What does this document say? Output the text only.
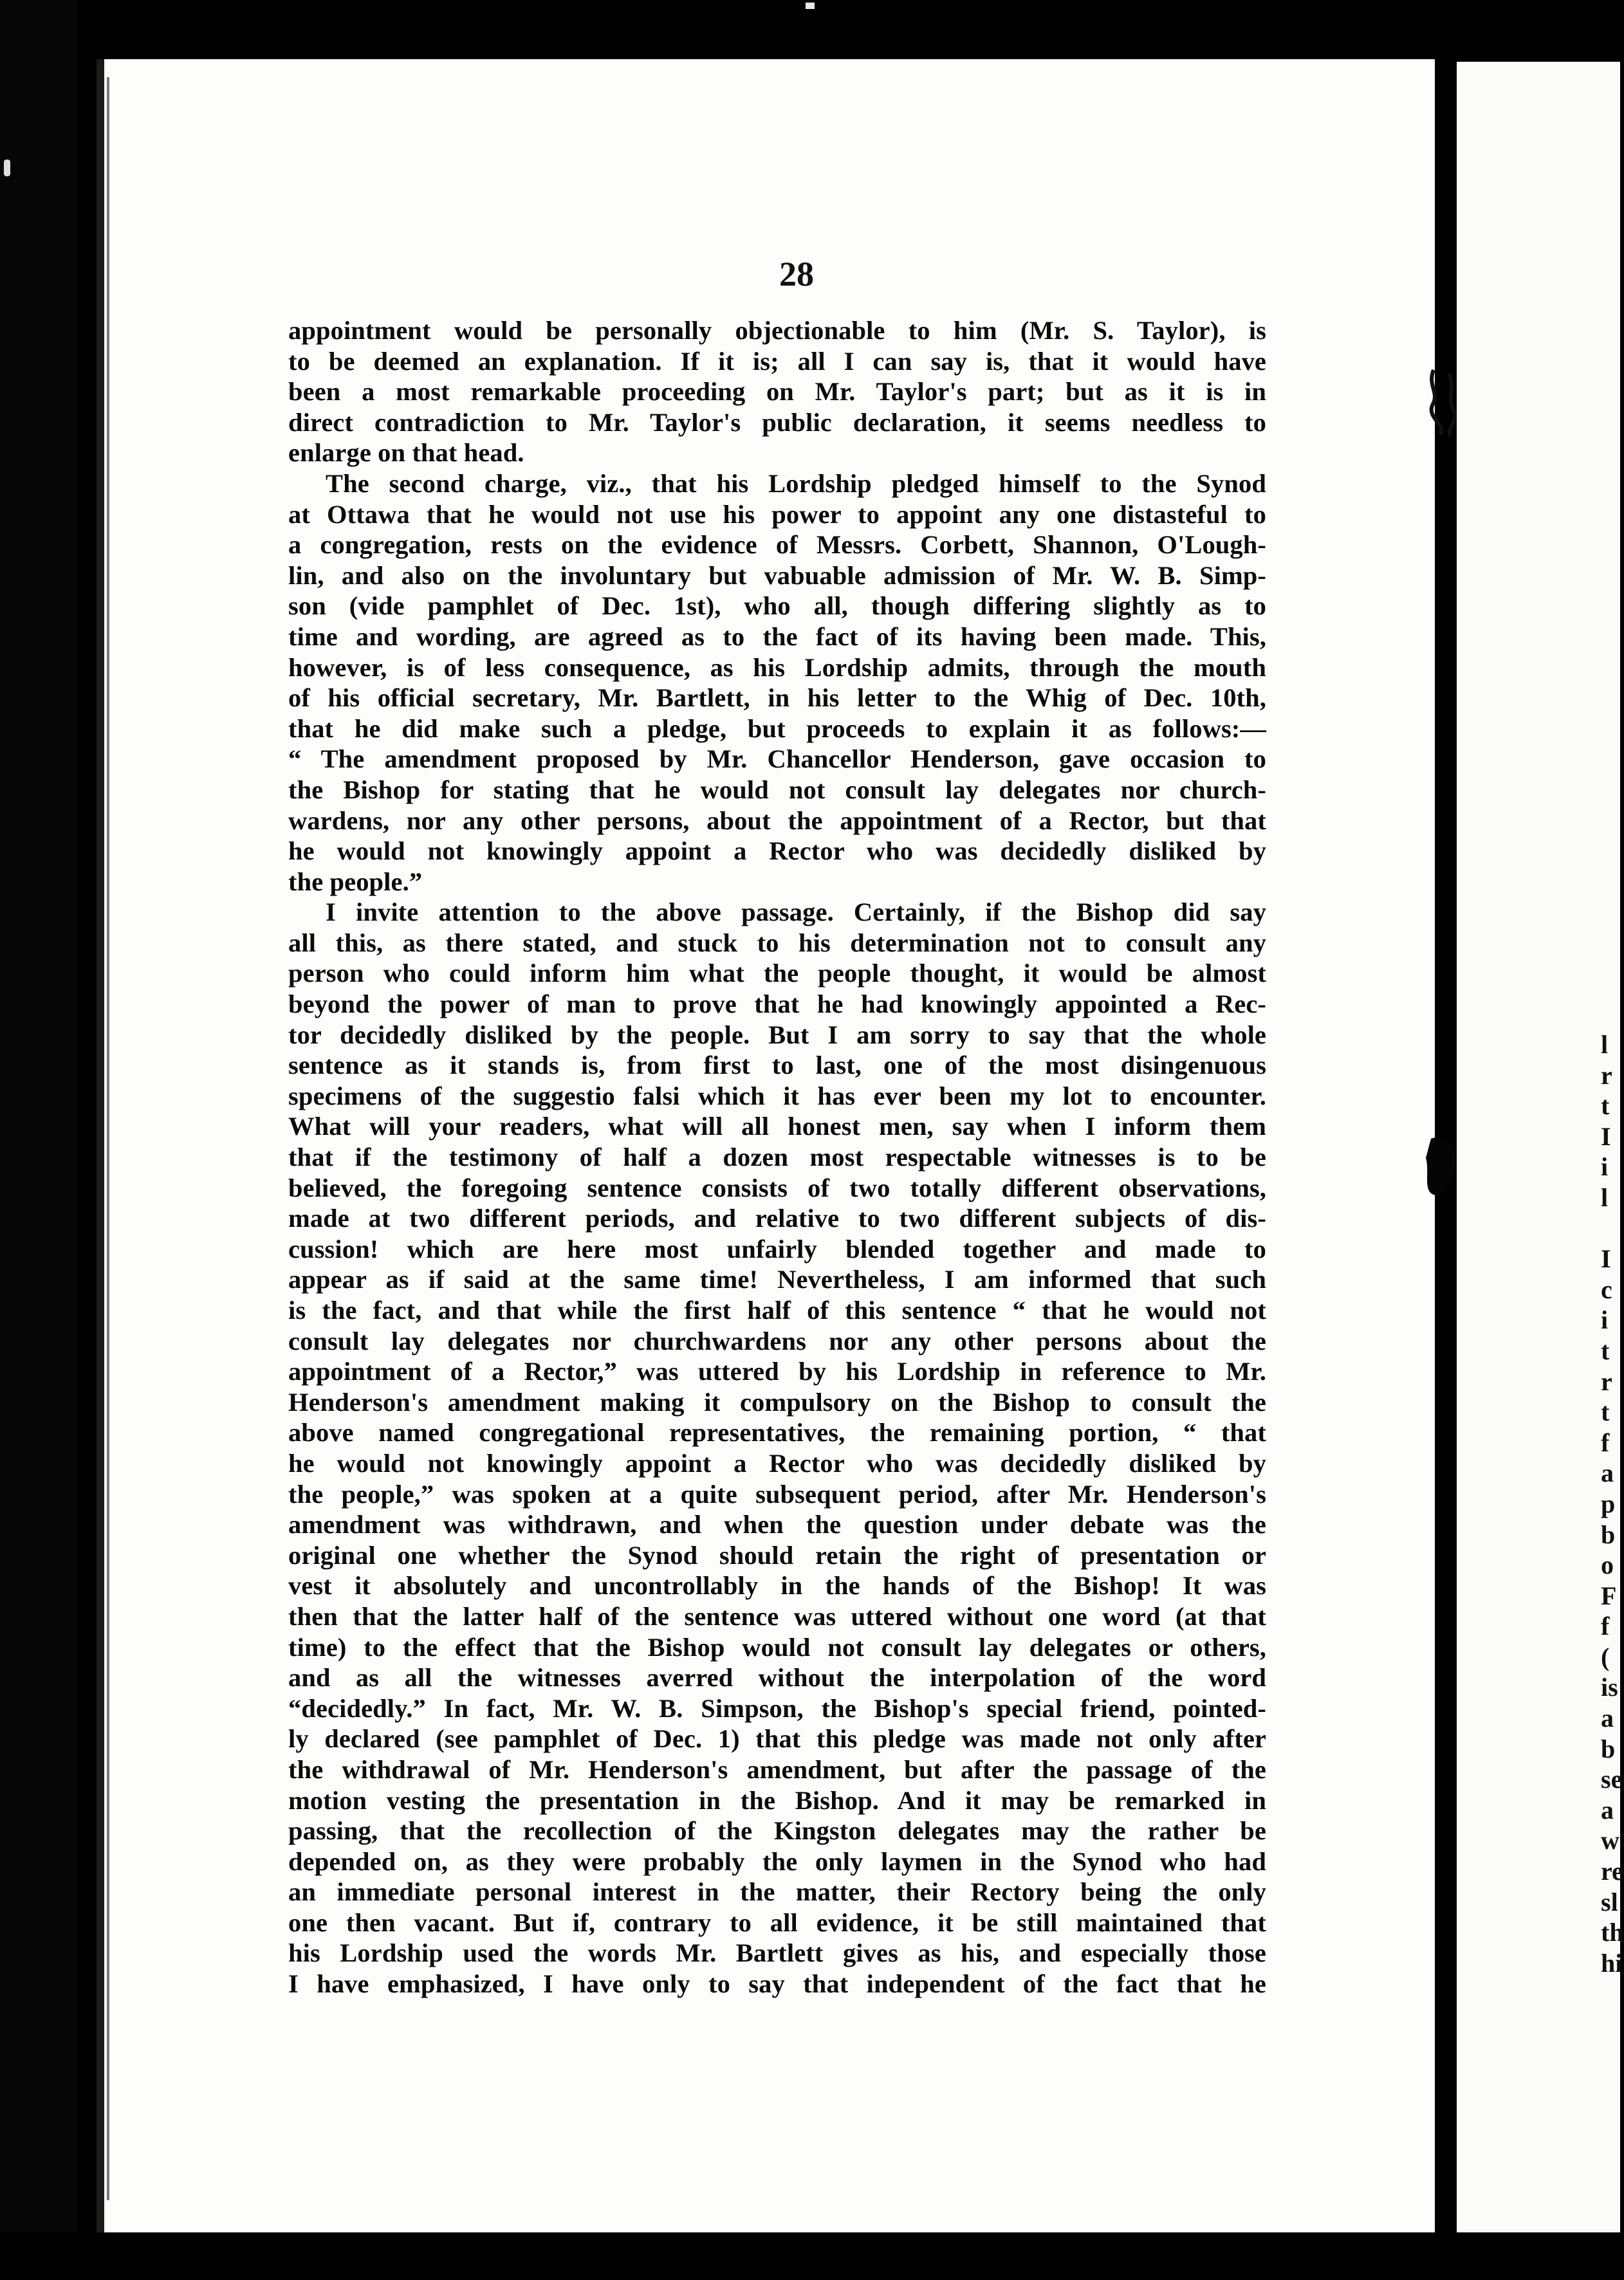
28

appointment would be personally objectionable to him (Mr. S. Taylor), is

to be deemed an explanation. If it is; all I can say is, that it would have

been a most remarkable proceeding on Mr. Taylor's part; but as it is in

direct contradiction to Mr. Taylor's public declaration, it seems needless to

enlarge on that head.

The second charge, viz., that his Lordship pledged himself to the Synod

at Ottawa that he would not use his power to appoint any one distasteful to

a congregation, rests on the evidence of Messrs. Corbett, Shannon, O'Lough-

lin, and also on the involuntary but vabuable admission of Mr. W. B. Simp-

son (vide pamphlet of Dec. 1st), who all, though differing slightly as to

time and wording, are agreed as to the fact of its having been made. This,

however, is of less consequence, as his Lordship admits, through the mouth

of his official secretary, Mr. Bartlett, in his letter to the Whig of Dec. 10th,

that he did make such a pledge, but proceeds to explain it as follows:—

“ The amendment proposed by Mr. Chancellor Henderson, gave occasion to

the Bishop for stating that he would not consult lay delegates nor church-

wardens, nor any other persons, about the appointment of a Rector, but that

he would not knowingly appoint a Rector who was decidedly disliked by

the people.”

I invite attention to the above passage. Certainly, if the Bishop did say

all this, as there stated, and stuck to his determination not to consult any

person who could inform him what the people thought, it would be almost

beyond the power of man to prove that he had knowingly appointed a Rec-

tor decidedly disliked by the people. But I am sorry to say that the whole

sentence as it stands is, from first to last, one of the most disingenuous

specimens of the suggestio falsi which it has ever been my lot to encounter.

What will your readers, what will all honest men, say when I inform them

that if the testimony of half a dozen most respectable witnesses is to be

believed, the foregoing sentence consists of two totally different observations,

made at two different periods, and relative to two different subjects of dis-

cussion! which are here most unfairly blended together and made to

appear as if said at the same time! Nevertheless, I am informed that such

is the fact, and that while the first half of this sentence “ that he would not

consult lay delegates nor churchwardens nor any other persons about the

appointment of a Rector,” was uttered by his Lordship in reference to Mr.

Henderson's amendment making it compulsory on the Bishop to consult the

above named congregational representatives, the remaining portion, “ that

he would not knowingly appoint a Rector who was decidedly disliked by

the people,” was spoken at a quite subsequent period, after Mr. Henderson's

amendment was withdrawn, and when the question under debate was the

original one whether the Synod should retain the right of presentation or

vest it absolutely and uncontrollably in the hands of the Bishop! It was

then that the latter half of the sentence was uttered without one word (at that

time) to the effect that the Bishop would not consult lay delegates or others,

and as all the witnesses averred without the interpolation of the word

“decidedly.” In fact, Mr. W. B. Simpson, the Bishop's special friend, pointed-

ly declared (see pamphlet of Dec. 1) that this pledge was made not only after

the withdrawal of Mr. Henderson's amendment, but after the passage of the

motion vesting the presentation in the Bishop. And it may be remarked in

passing, that the recollection of the Kingston delegates may the rather be

depended on, as they were probably the only laymen in the Synod who had

an immediate personal interest in the matter, their Rectory being the only

one then vacant. But if, contrary to all evidence, it be still maintained that

his Lordship used the words Mr. Bartlett gives as his, and especially those

I have emphasized, I have only to say that independent of the fact that he

l
r
t
I
i
l
I
c
i
t
r
t
f
a
p
b
o
F
f
(
is
a
b
se
a
w
re
sl
th
hi
